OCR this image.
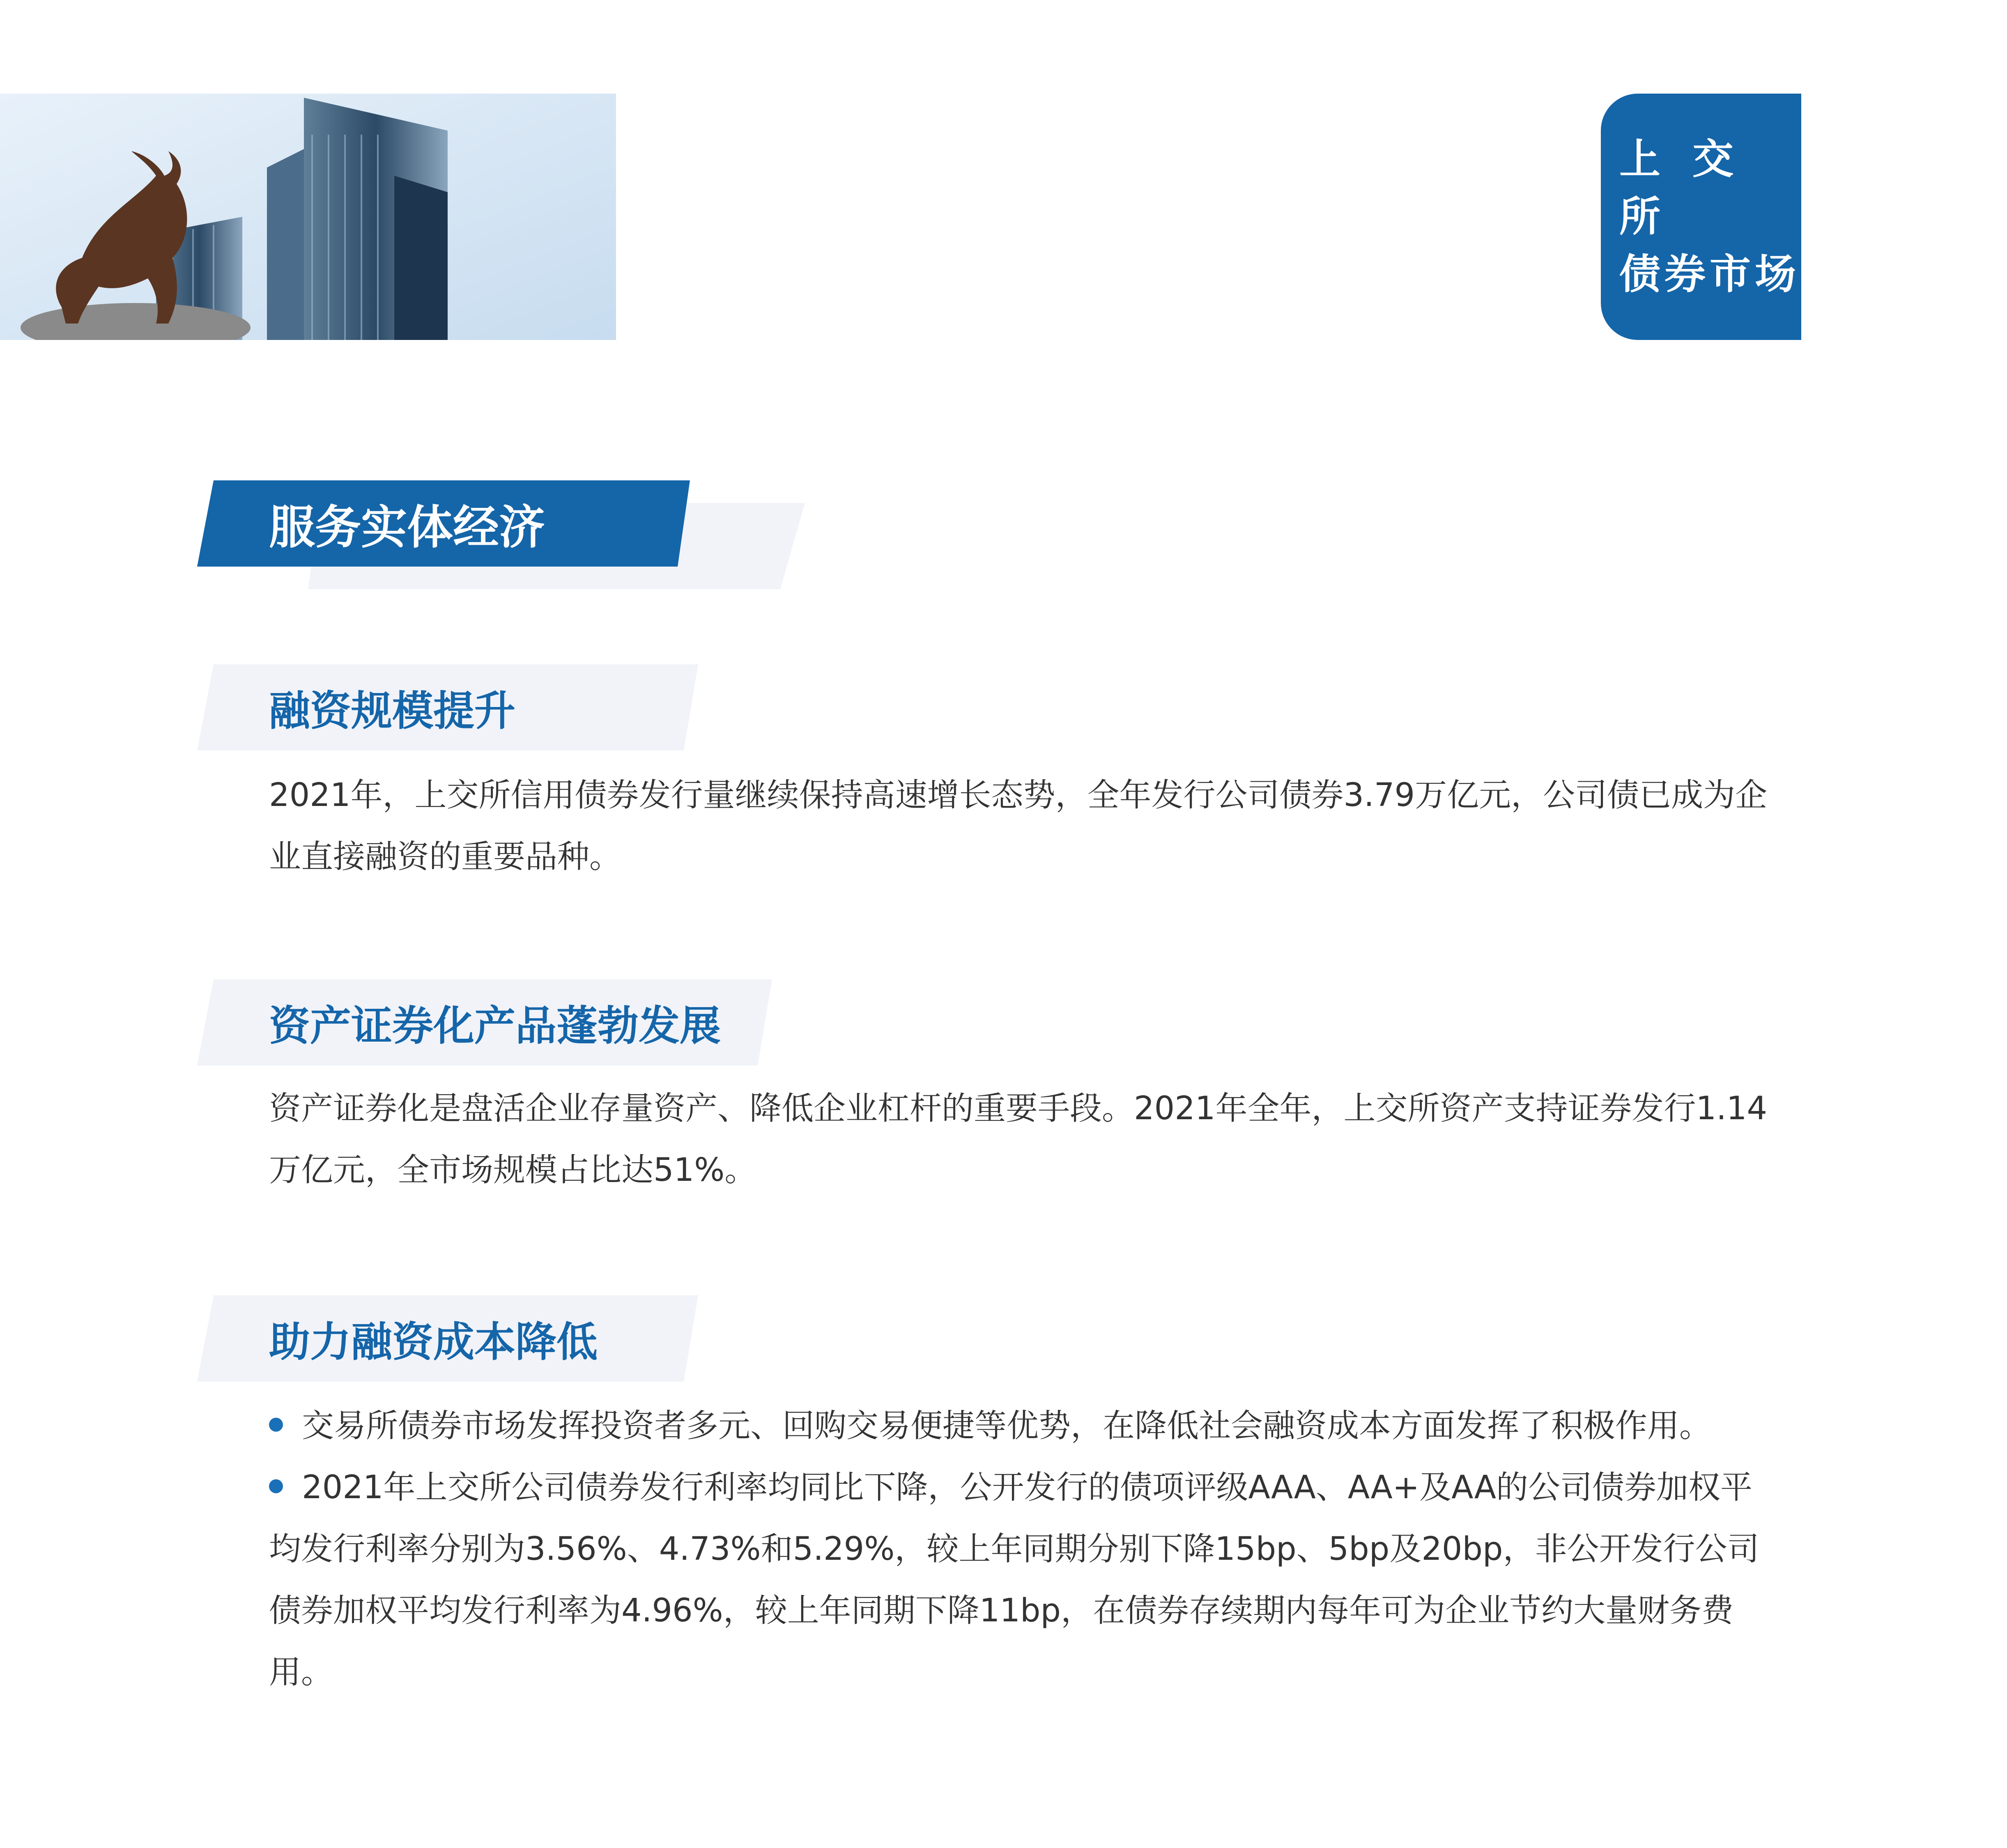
债券市场发展战略
上交所
债券市场
服务实体经济
融资规模提升

2021年，上交所信用债券发行量继续保持高速增长态势，全年发行公司债券3.79万亿元，公司债已成为企业直接融资的重要品种。

资产证券化产品蓬勃发展

资产证券化是盘活企业存量资产、降低企业杠杆的重要手段。2021年全年，上交所资产支持证券发行1.14万亿元，全市场规模占比达51%。

助力融资成本降低
交易所债券市场发挥投资者多元、回购交易便捷等优势，在降低社会融资成本方面发挥了积极作用。
2021年上交所公司债券发行利率均同比下降，公开发行的债项评级AAA、AA+及AA的公司债券加权平均发行利率分别为3.56%、4.73%和5.29%，较上年同期分别下降15bp、5bp及20bp，非公开发行公司债券加权平均发行利率为4.96%，较上年同期下降11bp，在债券存续期内每年可为企业节约大量财务费用。
